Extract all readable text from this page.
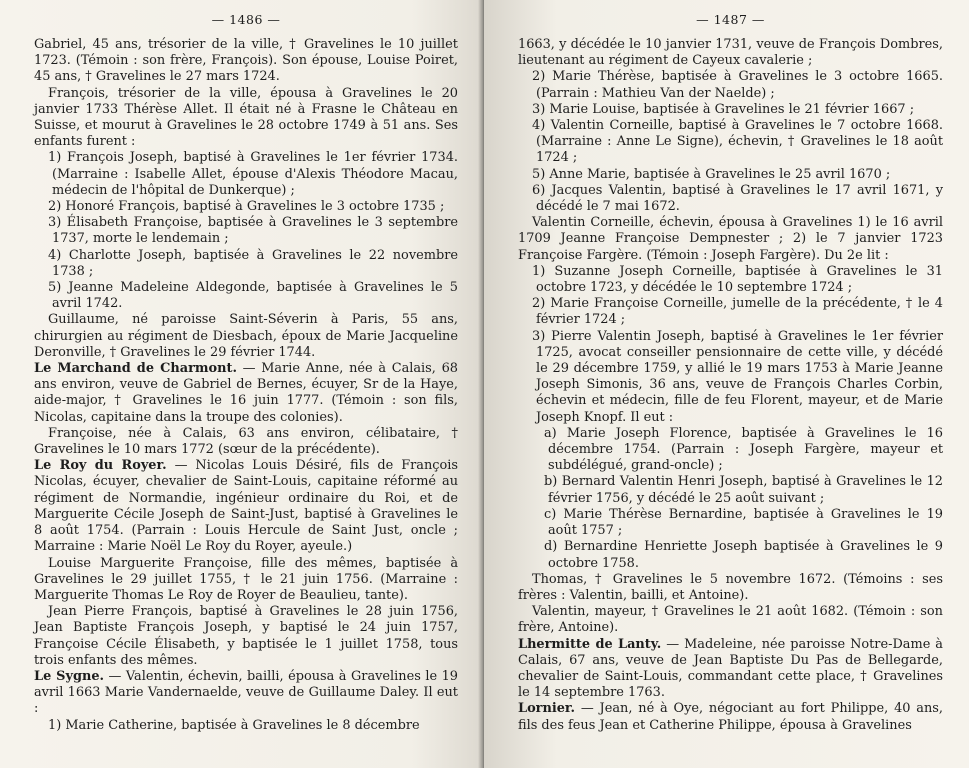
— 1486 —

Gabriel, 45 ans, trésorier de la ville, † Gravelines le 10 juillet 1723. (Témoin : son frère, François). Son épouse, Louise Poiret, 45 ans, † Gravelines le 27 mars 1724.

François, trésorier de la ville, épousa à Gravelines le 20 janvier 1733 Thérèse Allet. Il était né à Frasne le Château en Suisse, et mourut à Gravelines le 28 octobre 1749 à 51 ans. Ses enfants furent :

1) François Joseph, baptisé à Gravelines le 1er février 1734. (Marraine : Isabelle Allet, épouse d'Alexis Théodore Macau, médecin de l'hôpital de Dunkerque) ;

2) Honoré François, baptisé à Gravelines le 3 octobre 1735 ;

3) Élisabeth Françoise, baptisée à Gravelines le 3 septembre 1737, morte le lendemain ;

4) Charlotte Joseph, baptisée à Gravelines le 22 novembre 1738 ;

5) Jeanne Madeleine Aldegonde, baptisée à Gravelines le 5 avril 1742.

Guillaume, né paroisse Saint-Séverin à Paris, 55 ans, chirurgien au régiment de Diesbach, époux de Marie Jacqueline Deronville, † Gravelines le 29 février 1744.

Le Marchand de Charmont. — Marie Anne, née à Calais, 68 ans environ, veuve de Gabriel de Bernes, écuyer, Sr de la Haye, aide-major, † Gravelines le 16 juin 1777. (Témoin : son fils, Nicolas, capitaine dans la troupe des colonies).

Françoise, née à Calais, 63 ans environ, célibataire, † Gravelines le 10 mars 1772 (sœur de la précédente).

Le Roy du Royer. — Nicolas Louis Désiré, fils de François Nicolas, écuyer, chevalier de Saint-Louis, capitaine réformé au régiment de Normandie, ingénieur ordinaire du Roi, et de Marguerite Cécile Joseph de Saint-Just, baptisé à Gravelines le 8 août 1754. (Parrain : Louis Hercule de Saint Just, oncle ; Marraine : Marie Noël Le Roy du Royer, ayeule.)

Louise Marguerite Françoise, fille des mêmes, baptisée à Gravelines le 29 juillet 1755, † le 21 juin 1756. (Marraine : Marguerite Thomas Le Roy de Royer de Beaulieu, tante).

Jean Pierre François, baptisé à Gravelines le 28 juin 1756, Jean Baptiste François Joseph, y baptisé le 24 juin 1757, Françoise Cécile Élisabeth, y baptisée le 1 juillet 1758, tous trois enfants des mêmes.

Le Sygne. — Valentin, échevin, bailli, épousa à Gravelines le 19 avril 1663 Marie Vandernaelde, veuve de Guillaume Daley. Il eut :

1) Marie Catherine, baptisée à Gravelines le 8 décembre

— 1487 —

1663, y décédée le 10 janvier 1731, veuve de François Dombres, lieutenant au régiment de Cayeux cavalerie ;

2) Marie Thérèse, baptisée à Gravelines le 3 octobre 1665. (Parrain : Mathieu Van der Naelde) ;

3) Marie Louise, baptisée à Gravelines le 21 février 1667 ;

4) Valentin Corneille, baptisé à Gravelines le 7 octobre 1668. (Marraine : Anne Le Signe), échevin, † Gravelines le 18 août 1724 ;

5) Anne Marie, baptisée à Gravelines le 25 avril 1670 ;

6) Jacques Valentin, baptisé à Gravelines le 17 avril 1671, y décédé le 7 mai 1672.

Valentin Corneille, échevin, épousa à Gravelines 1) le 16 avril 1709 Jeanne Françoise Dempnester ; 2) le 7 janvier 1723 Françoise Fargère. (Témoin : Joseph Fargère). Du 2e lit :

1) Suzanne Joseph Corneille, baptisée à Gravelines le 31 octobre 1723, y décédée le 10 septembre 1724 ;

2) Marie Françoise Corneille, jumelle de la précédente, † le 4 février 1724 ;

3) Pierre Valentin Joseph, baptisé à Gravelines le 1er février 1725, avocat conseiller pensionnaire de cette ville, y décédé le 29 décembre 1759, y allié le 19 mars 1753 à Marie Jeanne Joseph Simonis, 36 ans, veuve de François Charles Corbin, échevin et médecin, fille de feu Florent, mayeur, et de Marie Joseph Knopf. Il eut :

a) Marie Joseph Florence, baptisée à Gravelines le 16 décembre 1754. (Parrain : Joseph Fargère, mayeur et subdélégué, grand-oncle) ;

b) Bernard Valentin Henri Joseph, baptisé à Gravelines le 12 février 1756, y décédé le 25 août suivant ;

c) Marie Thérèse Bernardine, baptisée à Gravelines le 19 août 1757 ;

d) Bernardine Henriette Joseph baptisée à Gravelines le 9 octobre 1758.

Thomas, † Gravelines le 5 novembre 1672. (Témoins : ses frères : Valentin, bailli, et Antoine).

Valentin, mayeur, † Gravelines le 21 août 1682. (Témoin : son frère, Antoine).

Lhermitte de Lanty. — Madeleine, née paroisse Notre-Dame à Calais, 67 ans, veuve de Jean Baptiste Du Pas de Bellegarde, chevalier de Saint-Louis, commandant cette place, † Gravelines le 14 septembre 1763.

Lornier. — Jean, né à Oye, négociant au fort Philippe, 40 ans, fils des feus Jean et Catherine Philippe, épousa à Gravelines
